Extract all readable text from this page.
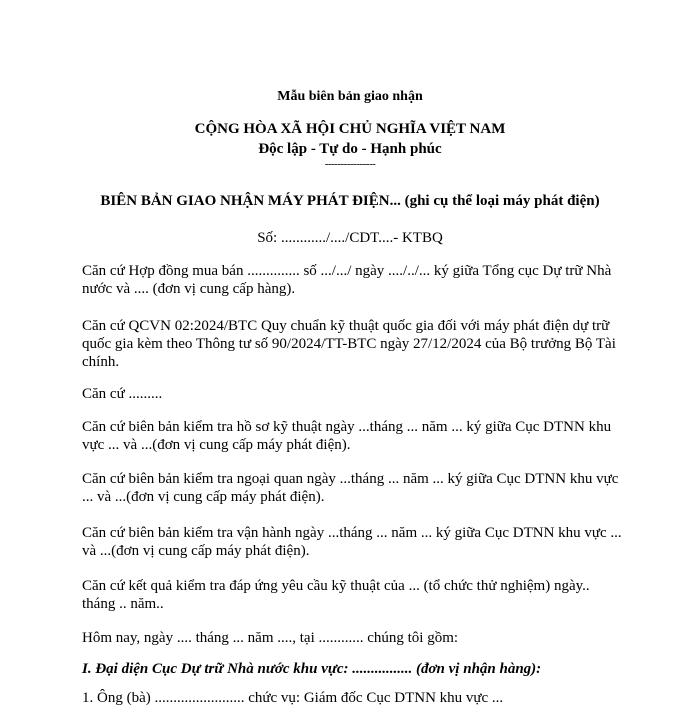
Mẫu biên bản giao nhận
CỘNG HÒA XÃ HỘI CHỦ NGHĨA VIỆT NAM
Độc lập - Tự do - Hạnh phúc
----------------
BIÊN BẢN GIAO NHẬN MÁY PHÁT ĐIỆN... (ghi cụ thể loại máy phát điện)
Số: ............/..../CDT....- KTBQ
Căn cứ Hợp đồng mua bán .............. số .../.../ ngày ..../../... ký giữa Tổng cục Dự trữ Nhà
nước và .... (đơn vị cung cấp hàng).
Căn cứ QCVN 02:2024/BTC Quy chuẩn kỹ thuật quốc gia đối với máy phát điện dự trữ
quốc gia kèm theo Thông tư số 90/2024/TT-BTC ngày 27/12/2024 của Bộ trưởng Bộ Tài
chính.
Căn cứ .........
Căn cứ biên bản kiểm tra hồ sơ kỹ thuật ngày ...tháng ... năm ... ký giữa Cục DTNN khu
vực ... và ...(đơn vị cung cấp máy phát điện).
Căn cứ biên bản kiểm tra ngoại quan ngày ...tháng ... năm ... ký giữa Cục DTNN khu vực
... và ...(đơn vị cung cấp máy phát điện).
Căn cứ biên bản kiểm tra vận hành ngày ...tháng ... năm ... ký giữa Cục DTNN khu vực ...
và ...(đơn vị cung cấp máy phát điện).
Căn cứ kết quả kiểm tra đáp ứng yêu cầu kỹ thuật của ... (tổ chức thử nghiệm) ngày..
tháng .. năm..
Hôm nay, ngày .... tháng ... năm ...., tại ............ chúng tôi gồm:
I. Đại diện Cục Dự trữ Nhà nước khu vực: ................ (đơn vị nhận hàng):
1. Ông (bà) ........................ chức vụ: Giám đốc Cục DTNN khu vực ...
